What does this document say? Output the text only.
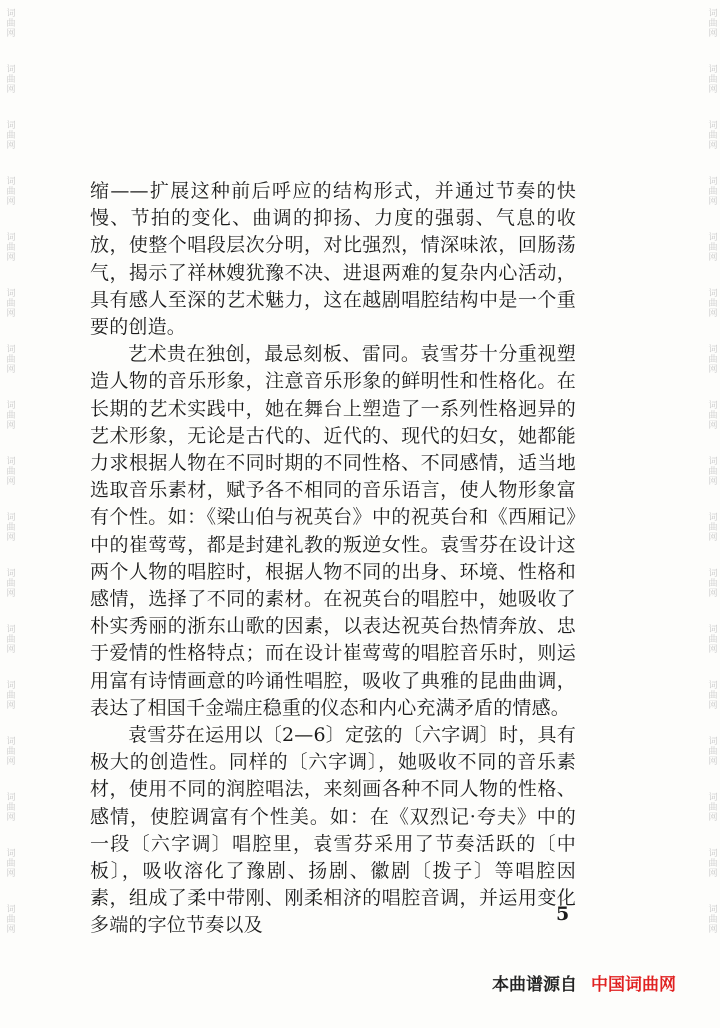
词曲网
词曲网
词曲网
词曲网
词曲网
词曲网
词曲网
词曲网
词曲网
词曲网
词曲网
词曲网
词曲网
词曲网
词曲网
词曲网
词曲网
词曲网
词曲网
词曲网
词曲网
词曲网
词曲网
词曲网
词曲网
词曲网
词曲网
词曲网
词曲网
词曲网
词曲网
词曲网
词曲网
词曲网

缩——扩展这种前后呼应的结构形式，并通过节奏的快慢、节拍的变化、曲调的抑扬、力度的强弱、气息的收放，使整个唱段层次分明，对比强烈，情深味浓，回肠荡气，揭示了祥林嫂犹豫不决、进退两难的复杂内心活动，具有感人至深的艺术魅力，这在越剧唱腔结构中是一个重要的创造。

艺术贵在独创，最忌刻板、雷同。袁雪芬十分重视塑造人物的音乐形象，注意音乐形象的鲜明性和性格化。在长期的艺术实践中，她在舞台上塑造了一系列性格迥异的艺术形象，无论是古代的、近代的、现代的妇女，她都能力求根据人物在不同时期的不同性格、不同感情，适当地选取音乐素材，赋予各不相同的音乐语言，使人物形象富有个性。如：《梁山伯与祝英台》中的祝英台和《西厢记》中的崔莺莺，都是封建礼教的叛逆女性。袁雪芬在设计这两个人物的唱腔时，根据人物不同的出身、环境、性格和感情，选择了不同的素材。在祝英台的唱腔中，她吸收了朴实秀丽的浙东山歌的因素，以表达祝英台热情奔放、忠于爱情的性格特点；而在设计崔莺莺的唱腔音乐时，则运用富有诗情画意的吟诵性唱腔，吸收了典雅的昆曲曲调，表达了相国千金端庄稳重的仪态和内心充满矛盾的情感。

袁雪芬在运用以〔2—6〕定弦的〔六字调〕时，具有极大的创造性。同样的〔六字调〕，她吸收不同的音乐素材，使用不同的润腔唱法，来刻画各种不同人物的性格、感情，使腔调富有个性美。如：在《双烈记·夸夫》中的一段〔六字调〕唱腔里，袁雪芬采用了节奏活跃的〔中板〕，吸收溶化了豫剧、扬剧、徽剧〔拨子〕等唱腔因素，组成了柔中带刚、刚柔相济的唱腔音调，并运用变化多端的字位节奏以及

5
本曲谱源自 中国词曲网
